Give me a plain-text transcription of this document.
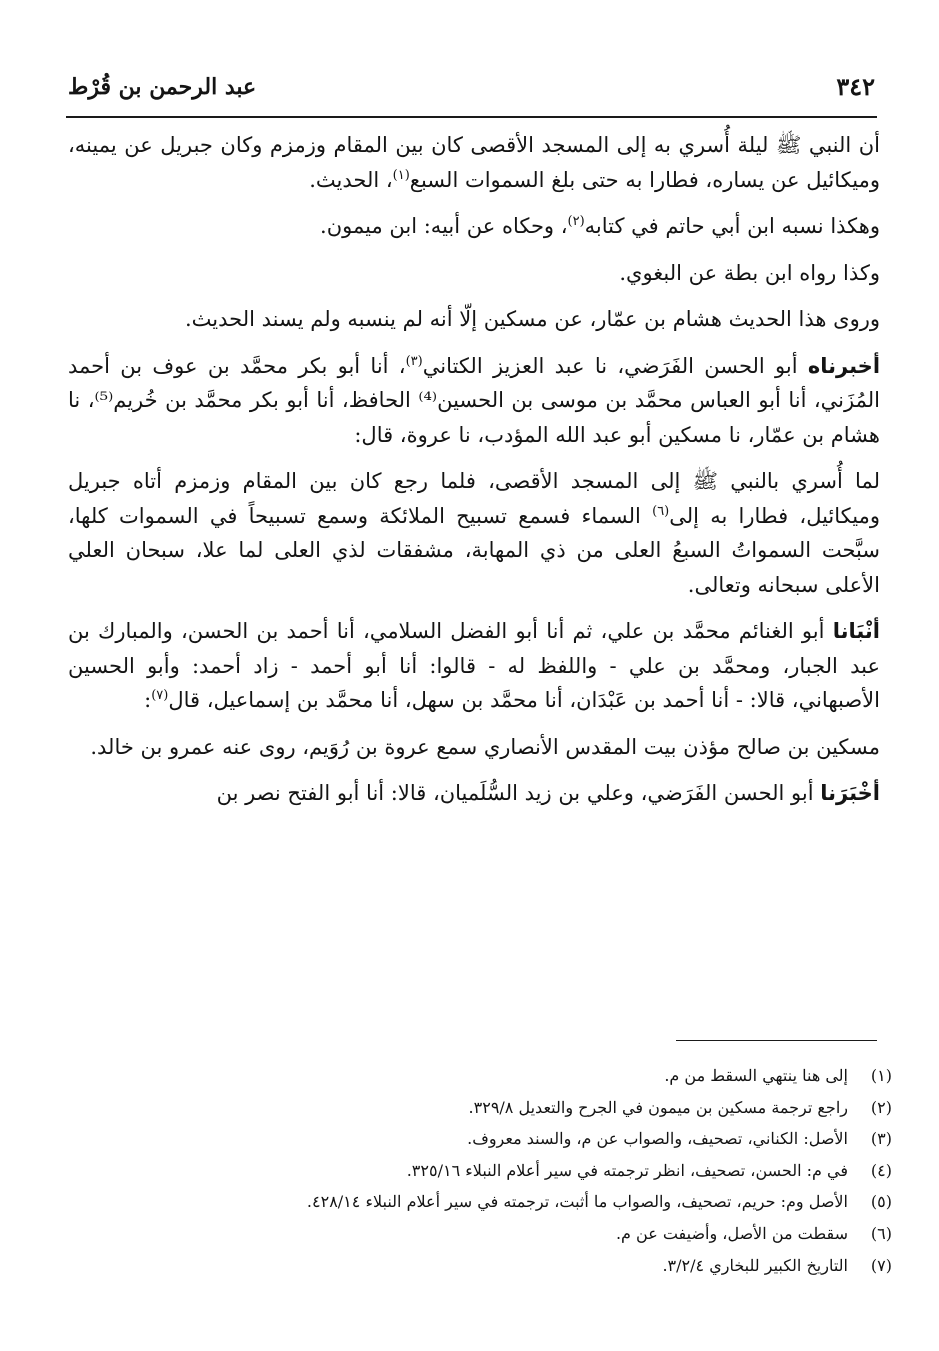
٣٤٢
عبد الرحمن بن قُرْط

أن النبي ﷺ ليلة أُسري به إلى المسجد الأقصى كان بين المقام وزمزم وكان جبريل عن يمينه، وميكائيل عن يساره، فطارا به حتى بلغ السموات السبع$^{(١)}$، الحديث.

وهكذا نسبه ابن أبي حاتم في كتابه$^{(٢)}$، وحكاه عن أبيه: ابن ميمون.

وكذا رواه ابن بطة عن البغوي.

وروى هذا الحديث هشام بن عمّار، عن مسكين إلّا أنه لم ينسبه ولم يسند الحديث.

أخبرناه أبو الحسن الفَرَضي، نا عبد العزيز الكتاني$^{(٣)}$، أنا أبو بكر محمَّد بن عوف بن أحمد المُزَني، أنا أبو العباس محمَّد بن موسى بن الحسين⁽⁴⁾ الحافظ، أنا أبو بكر محمَّد بن خُريم⁽⁵⁾، نا هشام بن عمّار، نا مسكين أبو عبد الله المؤدب، نا عروة، قال:

لما أُسري بالنبي ﷺ إلى المسجد الأقصى، فلما رجع كان بين المقام وزمزم أتاه جبريل وميكائيل، فطارا به إلى$^{(٦)}$ السماء فسمع تسبيح الملائكة وسمع تسبيحاً في السموات كلها، سبَّحت السمواتُ السبعُ العلى من ذي المهابة، مشفقات لذي العلى لما علا، سبحان العلي الأعلى سبحانه وتعالى.

أنْبَانا أبو الغنائم محمَّد بن علي، ثم أنا أبو الفضل السلامي، أنا أحمد بن الحسن، والمبارك بن عبد الجبار، ومحمَّد بن علي - واللفظ له - قالوا: أنا أبو أحمد - زاد أحمد: وأبو الحسين الأصبهاني، قالا: - أنا أحمد بن عَبْدَان، أنا محمَّد بن سهل، أنا محمَّد بن إسماعيل، قال$^{(٧)}$:

مسكين بن صالح مؤذن بيت المقدس الأنصاري سمع عروة بن رُوَيم، روى عنه عمرو بن خالد.

أخْبَرَنا أبو الحسن الفَرَضي، وعلي بن زيد السُّلَميان، قالا: أنا أبو الفتح نصر بن

(١)إلى هنا ينتهي السقط من م.
(٢)راجع ترجمة مسكين بن ميمون في الجرح والتعديل ٣٢٩/٨.
(٣)الأصل: الكناني، تصحيف، والصواب عن م، والسند معروف.
(٤)في م: الحسن، تصحيف، انظر ترجمته في سير أعلام النبلاء ٣٢٥/١٦.
(٥)الأصل وم: حريم، تصحيف، والصواب ما أثبت، ترجمته في سير أعلام النبلاء ٤٢٨/١٤.
(٦)سقطت من الأصل، وأضيفت عن م.
(٧)التاريخ الكبير للبخاري ٣/٢/٤.
